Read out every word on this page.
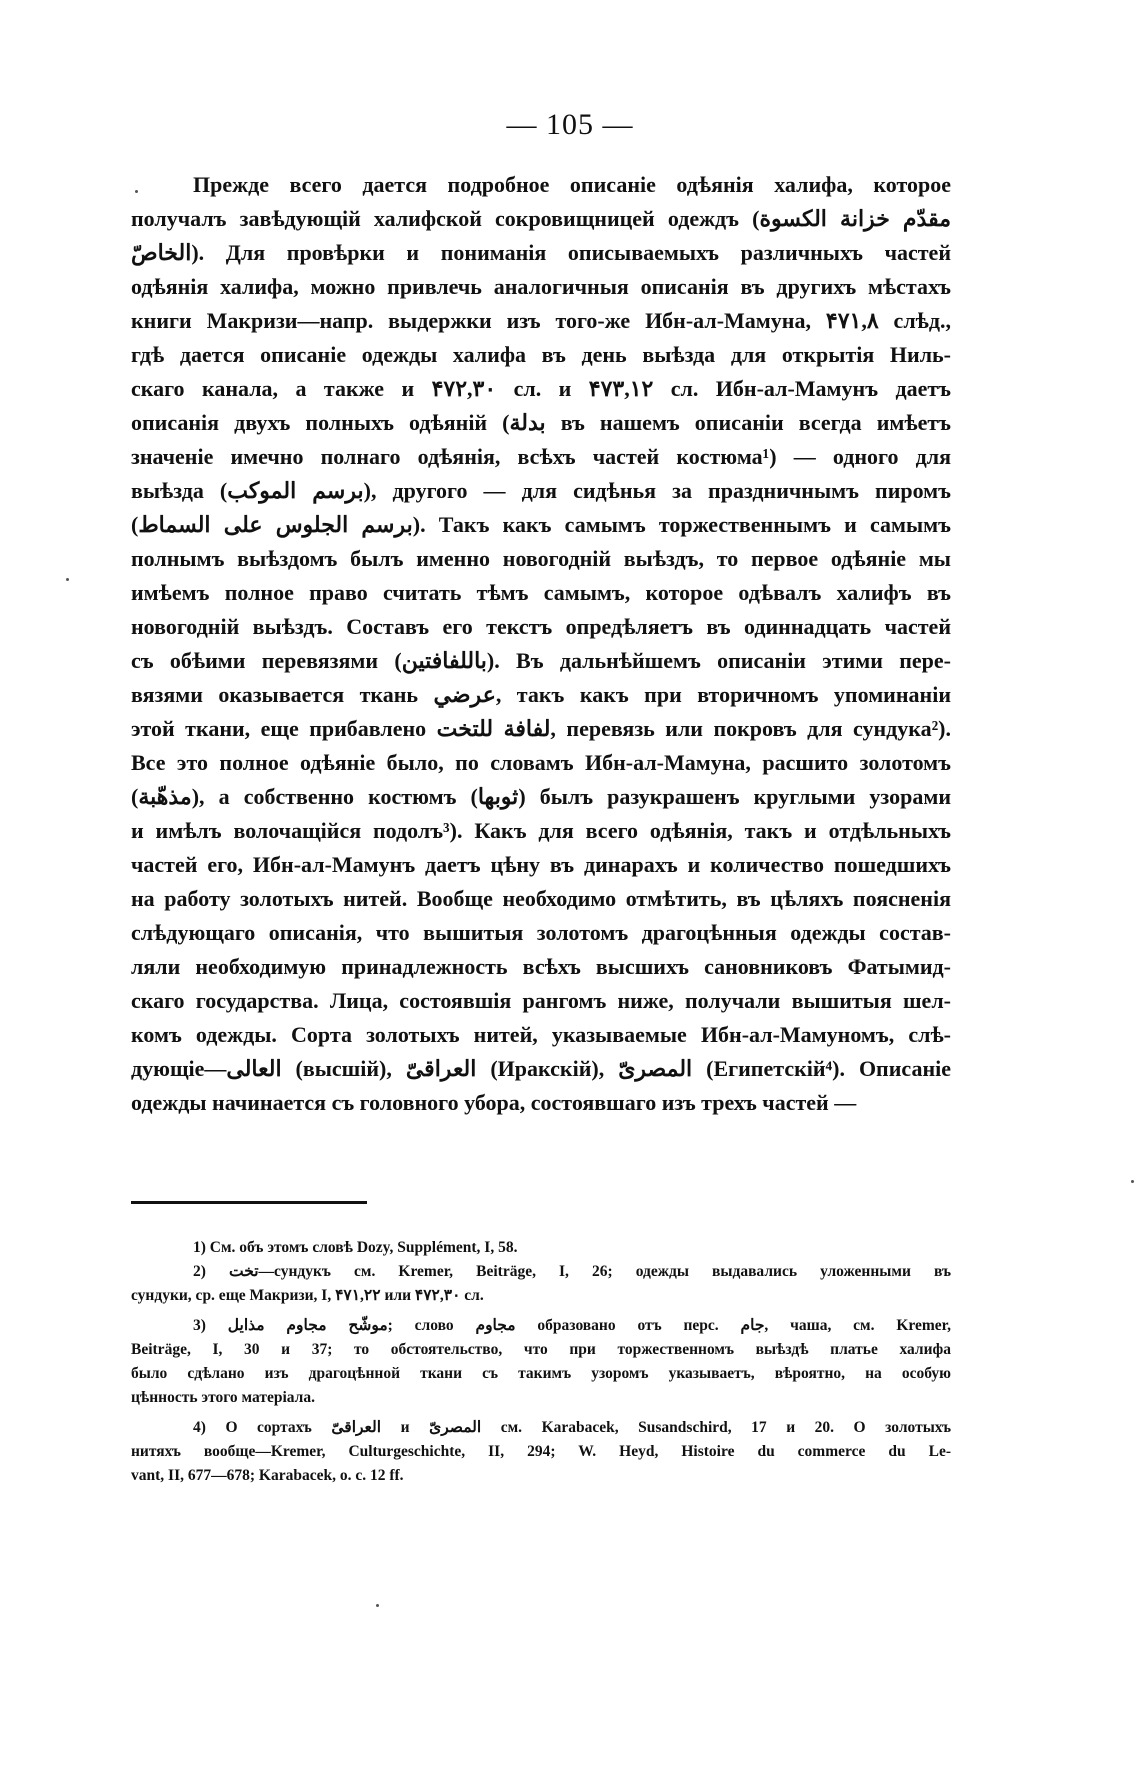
— 105 —
Прежде всего дается подробное описаніе одѣянія халифа, которое
получалъ завѣдующій халифской сокровищницей одеждъ (مقدّم خزانة الكسوة
الخاصّ). Для провѣрки и пониманія описываемыхъ различныхъ частей
одѣянія халифа, можно привлечь аналогичныя описанія въ другихъ мѣстахъ
книги Макризи—напр. выдержки изъ того-же Ибн-ал-Мамуна, ۴۷۱,۸ слѣд.,
гдѣ дается описаніе одежды халифа въ день выѣзда для открытія Ниль-
скаго канала, а также и ۴۷۲,۳۰ сл. и ۴۷۳,۱۲ сл. Ибн-ал-Мамунъ даетъ
описанія двухъ полныхъ одѣяній (بدلة въ нашемъ описаніи всегда имѣетъ
значеніе имечно полнаго одѣянія, всѣхъ частей костюма¹) — одного для
выѣзда (برسم الموكب), другого — для сидѣнья за праздничнымъ пиромъ
(برسم الجلوس على السماط). Такъ какъ самымъ торжественнымъ и самымъ
полнымъ выѣздомъ былъ именно новогодній выѣздъ, то первое одѣяніе мы
имѣемъ полное право считать тѣмъ самымъ, которое одѣвалъ халифъ въ
новогодній выѣздъ. Составъ его текстъ опредѣляетъ въ одиннадцать частей
съ обѣими перевязями (باللفافتين). Въ дальнѣйшемъ описаніи этими пере-
вязями оказывается ткань عرضي, такъ какъ при вторичномъ упоминаніи
этой ткани, еще прибавлено لفافة للتخت, перевязь или покровъ для сундука²).
Все это полное одѣяніе было, по словамъ Ибн-ал-Мамуна, расшито золотомъ
(مذهّبة), а собственно костюмъ (ثوبها) былъ разукрашенъ круглыми узорами
и имѣлъ волочащійся подолъ³). Какъ для всего одѣянія, такъ и отдѣльныхъ
частей его, Ибн-ал-Мамунъ даетъ цѣну въ динарахъ и количество пошедшихъ
на работу золотыхъ нитей. Вообще необходимо отмѣтить, въ цѣляхъ поясненія
слѣдующаго описанія, что вышитыя золотомъ драгоцѣнныя одежды состав-
ляли необходимую принадлежность всѣхъ высшихъ сановниковъ Фатымид-
скаго государства. Лица, состоявшія рангомъ ниже, получали вышитыя шел-
комъ одежды. Сорта золотыхъ нитей, указываемые Ибн-ал-Мамуномъ, слѣ-
дующіе—العالى (высшій), العراقىّ (Иракскій), المصرىّ (Египетскій⁴). Описаніе
одежды начинается съ головного убора, состоявшаго изъ трехъ частей —
1) См. объ этомъ словѣ Dozy, Supplément, I, 58.
2) تخت—сундукъ см. Kremer, Beiträge, I, 26; одежды выдавались уложенными въ
сундуки, ср. еще Макризи, I, ۴۷۱,۲۲ или ۴۷۲,۳۰ сл.
3) موشّح مجاوم مذايل; слово مجاوم образовано отъ перс. جام, чаша, см. Kremer,
Beiträge, I, 30 и 37; то обстоятельство, что при торжественномъ выѣздѣ платье халифа
было сдѣлано изъ драгоцѣнной ткани съ такимъ узоромъ указываетъ, вѣроятно, на особую
цѣнность этого матеріала.
4) О сортахъ العراقىّ и المصرىّ см. Karabacek, Susandschird, 17 и 20. О золотыхъ
нитяхъ вообще—Kremer, Culturgeschichte, II, 294; W. Heyd, Histoire du commerce du Le-
vant, II, 677—678; Karabacek, o. c. 12 ff.
